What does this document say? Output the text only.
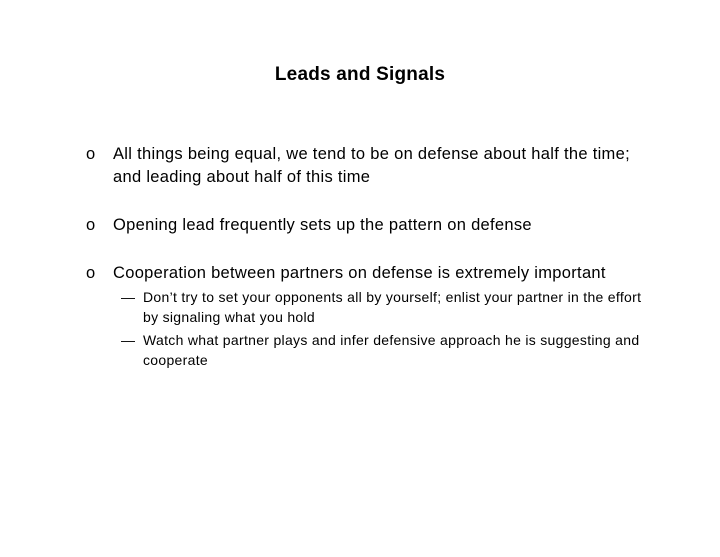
Leads and Signals
o All things being equal, we tend to be on defense about half the time; and leading about half of this time
o Opening lead frequently sets up the pattern on defense
o Cooperation between partners on defense is extremely important
— Don’t try to set your opponents all by yourself; enlist your partner in the effort by signaling what you hold
— Watch what partner plays and infer defensive approach he is suggesting and cooperate
